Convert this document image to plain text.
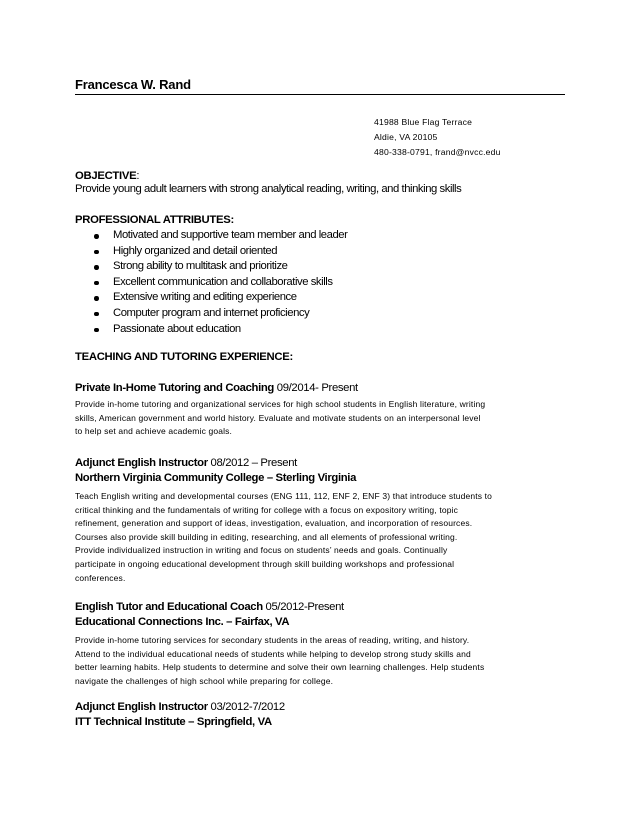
Francesca W. Rand
41988 Blue Flag Terrace
Aldie, VA 20105
480-338-0791, frand@nvcc.edu
OBJECTIVE:
Provide young adult learners with strong analytical reading, writing, and thinking skills
PROFESSIONAL ATTRIBUTES:
Motivated and supportive team member and leader
Highly organized and detail oriented
Strong ability to multitask and prioritize
Excellent communication and collaborative skills
Extensive writing and editing experience
Computer program and internet proficiency
Passionate about education
TEACHING AND TUTORING EXPERIENCE:
Private In-Home Tutoring and Coaching 09/2014- Present
Provide in-home tutoring and organizational services for high school students in English literature, writing
skills, American government and world history. Evaluate and motivate students on an interpersonal level
to help set and achieve academic goals.
Adjunct English Instructor 08/2012 – Present
Northern Virginia Community College – Sterling Virginia
Teach English writing and developmental courses (ENG 111, 112, ENF 2, ENF 3) that introduce students to
critical thinking and the fundamentals of writing for college with a focus on expository writing, topic
refinement, generation and support of ideas, investigation, evaluation, and incorporation of resources.
Courses also provide skill building in editing, researching, and all elements of professional writing.
Provide individualized instruction in writing and focus on students’ needs and goals. Continually
participate in ongoing educational development through skill building workshops and professional
conferences.
English Tutor and Educational Coach 05/2012-Present
Educational Connections Inc. – Fairfax, VA
Provide in-home tutoring services for secondary students in the areas of reading, writing, and history.
Attend to the individual educational needs of students while helping to develop strong study skills and
better learning habits. Help students to determine and solve their own learning challenges. Help students
navigate the challenges of high school while preparing for college.
Adjunct English Instructor 03/2012-7/2012
ITT Technical Institute – Springfield, VA
